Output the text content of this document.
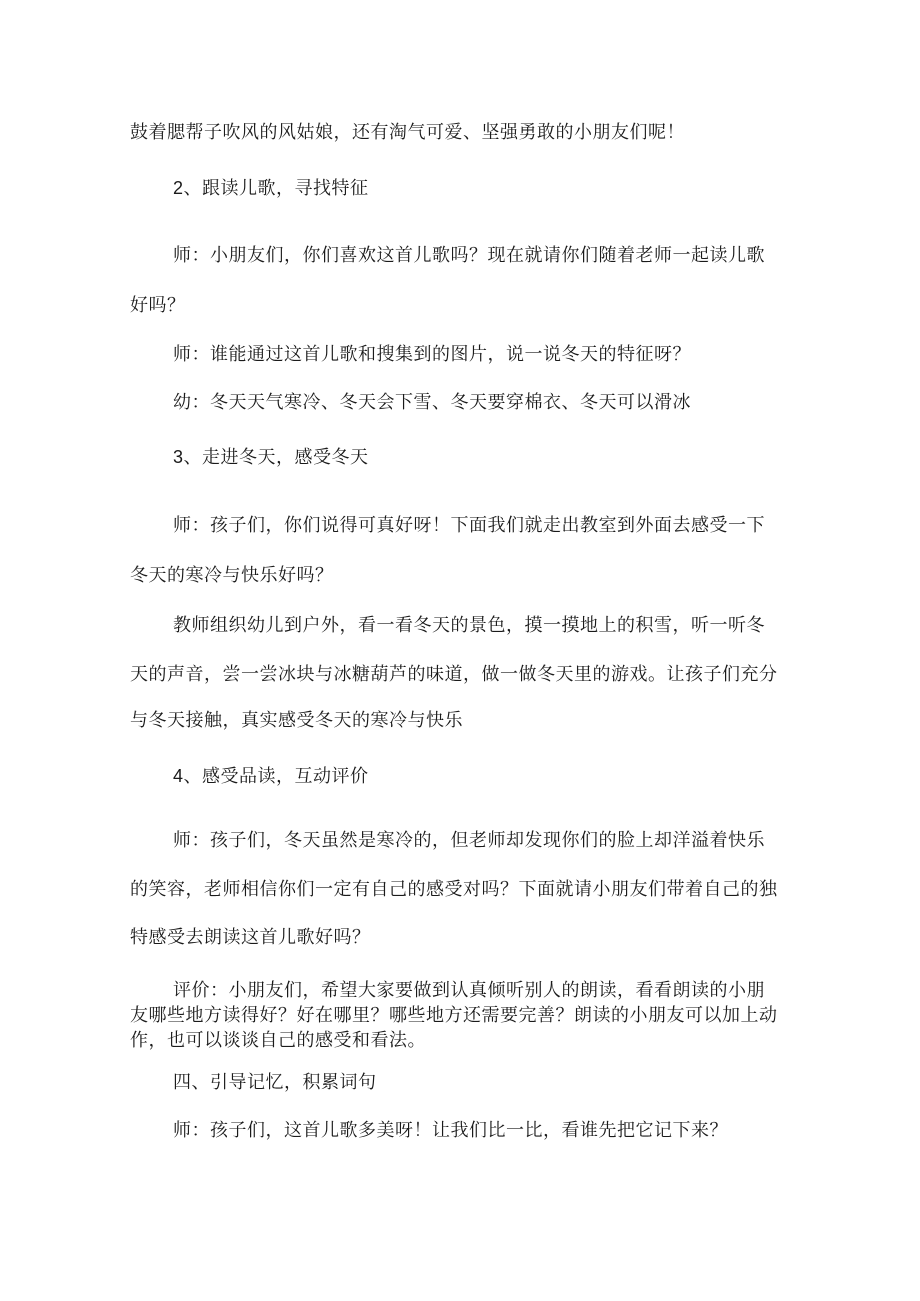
鼓着腮帮子吹风的风姑娘，还有淘气可爱、坚强勇敢的小朋友们呢！
2、跟读儿歌，寻找特征
师：小朋友们，你们喜欢这首儿歌吗？现在就请你们随着老师一起读儿歌
好吗？
师：谁能通过这首儿歌和搜集到的图片，说一说冬天的特征呀？
幼：冬天天气寒冷、冬天会下雪、冬天要穿棉衣、冬天可以滑冰
3、走进冬天，感受冬天
师：孩子们，你们说得可真好呀！下面我们就走出教室到外面去感受一下
冬天的寒冷与快乐好吗？
教师组织幼儿到户外，看一看冬天的景色，摸一摸地上的积雪，听一听冬
天的声音，尝一尝冰块与冰糖葫芦的味道，做一做冬天里的游戏。让孩子们充分
与冬天接触，真实感受冬天的寒冷与快乐
4、感受品读，互动评价
师：孩子们，冬天虽然是寒冷的，但老师却发现你们的脸上却洋溢着快乐
的笑容，老师相信你们一定有自己的感受对吗？下面就请小朋友们带着自己的独
特感受去朗读这首儿歌好吗？
评价：小朋友们，希望大家要做到认真倾听别人的朗读，看看朗读的小朋
友哪些地方读得好？好在哪里？哪些地方还需要完善？朗读的小朋友可以加上动
作，也可以谈谈自己的感受和看法。
四、引导记忆，积累词句
师：孩子们，这首儿歌多美呀！让我们比一比，看谁先把它记下来？
